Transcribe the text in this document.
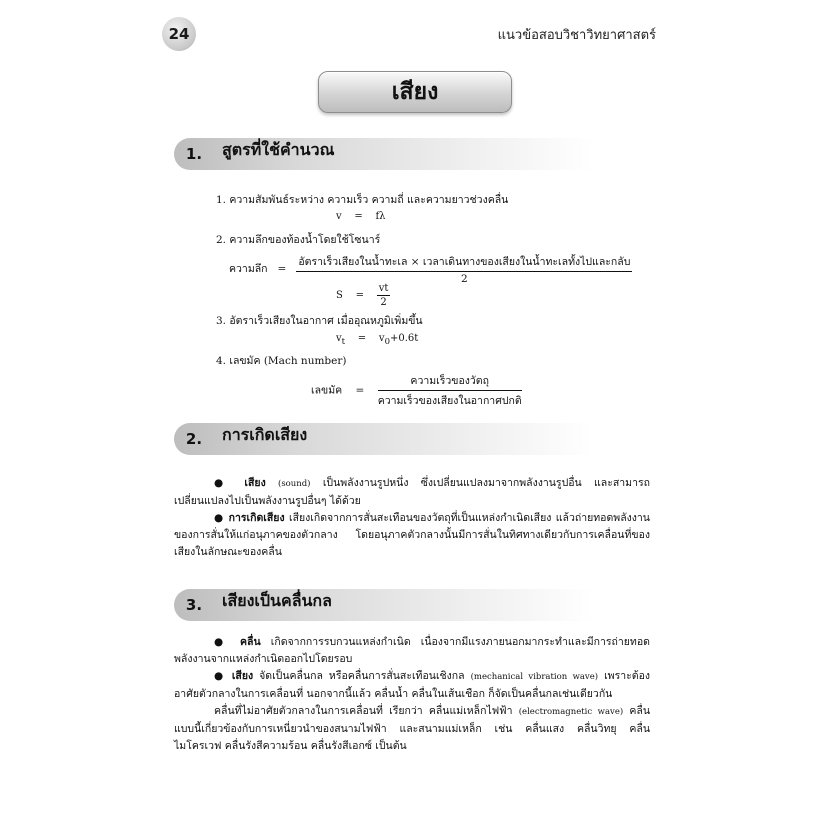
24	แนวข้อสอบวิชาวิทยาศาสตร์
เสียง
1.	สูตรที่ใช้คำนวณ
1. ความสัมพันธ์ระหว่าง ความเร็ว ความถี่ และความยาวช่วงคลื่น
v = fλ
2. ความลึกของท้องน้ำโดยใช้โซนาร์
ความลึก =
อัตราเร็วเสียงในน้ำทะเล × เวลาเดินทางของเสียงในน้ำทะเลทั้งไปและกลับ
2
$S = \frac{vt}{2}$
3. อัตราเร็วเสียงในอากาศ เมื่ออุณหภูมิเพิ่มขึ้น
$v_t = v_0+0.6t$
4. เลขมัค (Mach number)
เลขมัค = $\frac{\text{ความเร็วของวัตถุ}}{\text{ความเร็วของเสียงในอากาศปกติ}}$
2.	การเกิดเสียง

● เสียง (sound) เป็นพลังงานรูปหนึ่ง ซึ่งเปลี่ยนแปลงมาจากพลังงานรูปอื่น และสามารถเปลี่ยนแปลงไปเป็นพลังงานรูปอื่นๆ ได้ด้วย

● การเกิดเสียง เสียงเกิดจากการสั่นสะเทือนของวัตถุที่เป็นแหล่งกำเนิดเสียง แล้วถ่ายทอดพลังงานของการสั่นให้แก่อนุภาคของตัวกลาง โดยอนุภาคตัวกลางนั้นมีการสั่นในทิศทางเดียวกับการเคลื่อนที่ของเสียงในลักษณะของคลื่น

3.	เสียงเป็นคลื่นกล

● คลื่น เกิดจากการรบกวนแหล่งกำเนิด เนื่องจากมีแรงภายนอกมากระทำและมีการถ่ายทอดพลังงานจากแหล่งกำเนิดออกไปโดยรอบ

● เสียง จัดเป็นคลื่นกล หรือคลื่นการสั่นสะเทือนเชิงกล (mechanical vibration wave) เพราะต้องอาศัยตัวกลางในการเคลื่อนที่ นอกจากนี้แล้ว คลื่นน้ำ คลื่นในเส้นเชือก ก็จัดเป็นคลื่นกลเช่นเดียวกัน

คลื่นที่ไม่อาศัยตัวกลางในการเคลื่อนที่ เรียกว่า คลื่นแม่เหล็กไฟฟ้า (electromagnetic wave) คลื่นแบบนี้เกี่ยวข้องกับการเหนี่ยวนำของสนามไฟฟ้า และสนามแม่เหล็ก เช่น คลื่นแสง คลื่นวิทยุ คลื่นไมโครเวฟ คลื่นรังสีความร้อน คลื่นรังสีเอกซ์ เป็นต้น
